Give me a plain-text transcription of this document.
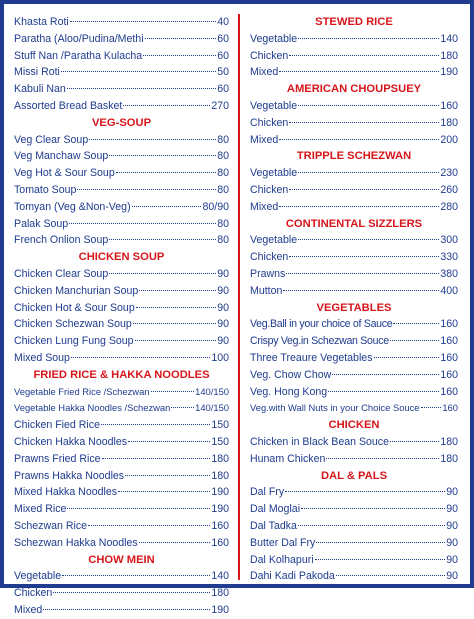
Khasta Roti	40
Paratha (Aloo/Pudina/Methi	60
Stuff Nan /Paratha Kulacha	60
Missi Roti	50
Kabuli Nan	60
Assorted Bread Basket	270
VEG-SOUP
Veg Clear Soup	80
Veg Manchaw Soup	80
Veg Hot & Sour Soup	80
Tomato Soup	80
Tomyan (Veg &Non-Veg)	80/90
Palak Soup	80
French Onlion Soup	80
CHICKEN SOUP
Chicken Clear Soup	90
Chicken Manchurian Soup	90
Chicken Hot & Sour Soup	90
Chicken Schezwan Soup	90
Chicken Lung Fung Soup	90
Mixed Soup	100
FRIED RICE & HAKKA NOODLES
Vegetable Fried Rice /Schezwan	140/150
Vegetable Hakka Noodles /Schezwan	140/150
Chicken Fied Rice	150
Chicken Hakka Noodles	150
Prawns Fried Rice	180
Prawns Hakka Noodles	180
Mixed Hakka Noodles	190
Mixed Rice	190
Schezwan Rice	160
Schezwan Hakka Noodles	160
CHOW MEIN
Vegetable	140
Chicken	180
Mixed	190
STEWED RICE
Vegetable	140
Chicken	180
Mixed	190
AMERICAN CHOUPSUEY
Vegetable	160
Chicken	180
Mixed	200
TRIPPLE SCHEZWAN
Vegetable	230
Chicken	260
Mixed	280
CONTINENTAL SIZZLERS
Vegetable	300
Chicken	330
Prawns	380
Mutton	400
VEGETABLES
Veg.Ball in your choice of Sauce	160
Crispy Veg.in Schezwan Souce	160
Three Treaure Vegetables	160
Veg. Chow Chow	160
Veg. Hong Kong	160
Veg.with Wall Nuts in your Choice Souce 160
CHICKEN
Chicken in Black Bean Souce	180
Hunam Chicken	180
DAL & PALS
Dal Fry	90
Dal Moglai	90
Dal Tadka	90
Butter Dal Fry	90
Dal Kolhapuri	90
Dahi Kadi Pakoda	90
